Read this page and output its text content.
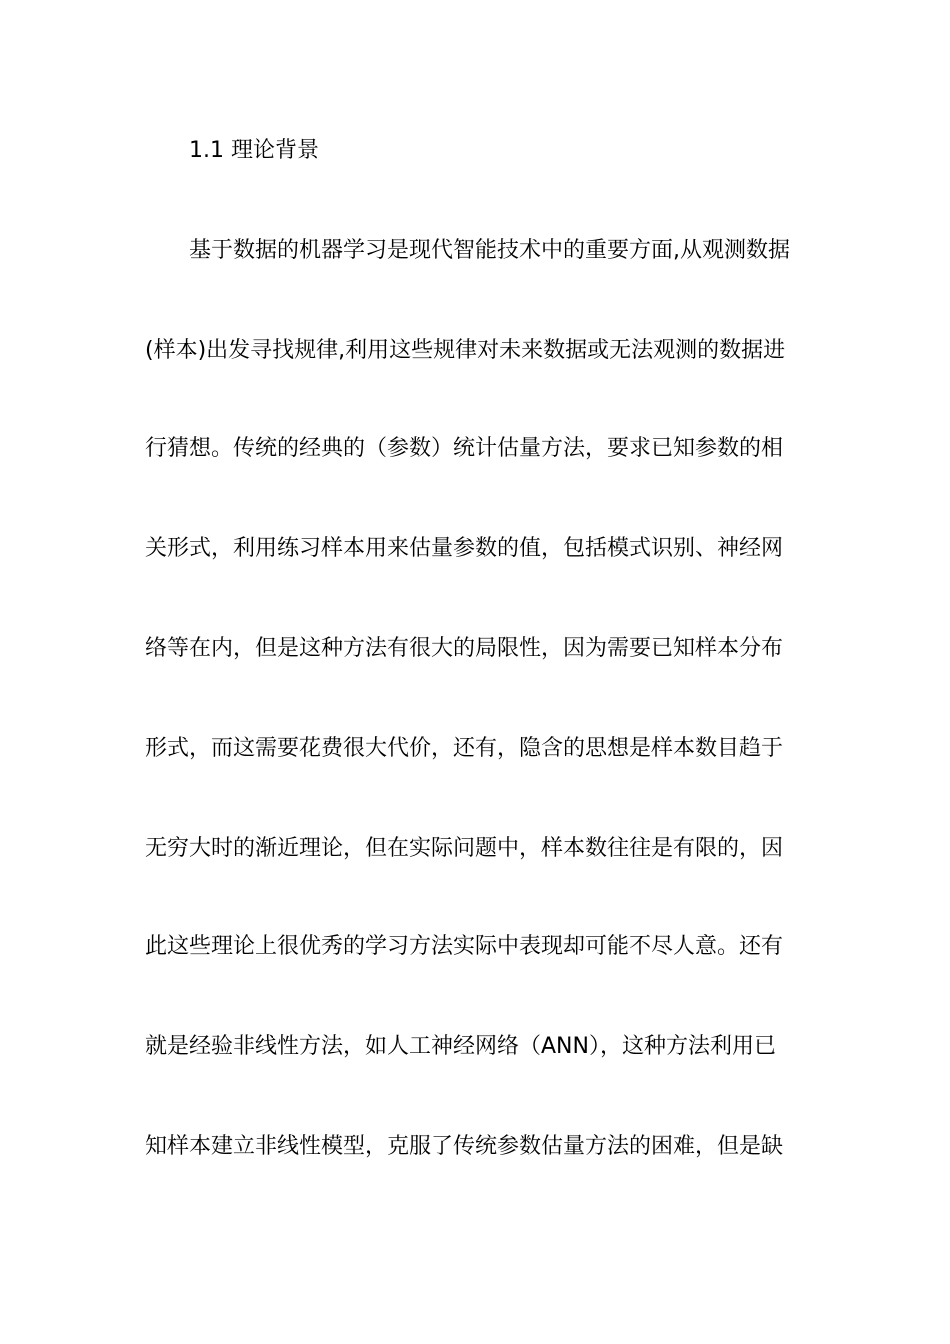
1.1 理论背景
基于数据的机器学习是现代智能技术中的重要方面,从观测数据
(样本)出发寻找规律,利用这些规律对未来数据或无法观测的数据进
行猜想。传统的经典的（参数）统计估量方法，要求已知参数的相
关形式，利用练习样本用来估量参数的值，包括模式识别、神经网
络等在内，但是这种方法有很大的局限性，因为需要已知样本分布
形式，而这需要花费很大代价，还有，隐含的思想是样本数目趋于
无穷大时的渐近理论，但在实际问题中，样本数往往是有限的，因
此这些理论上很优秀的学习方法实际中表现却可能不尽人意。还有
就是经验非线性方法，如人工神经网络（ANN），这种方法利用已
知样本建立非线性模型，克服了传统参数估量方法的困难，但是缺
